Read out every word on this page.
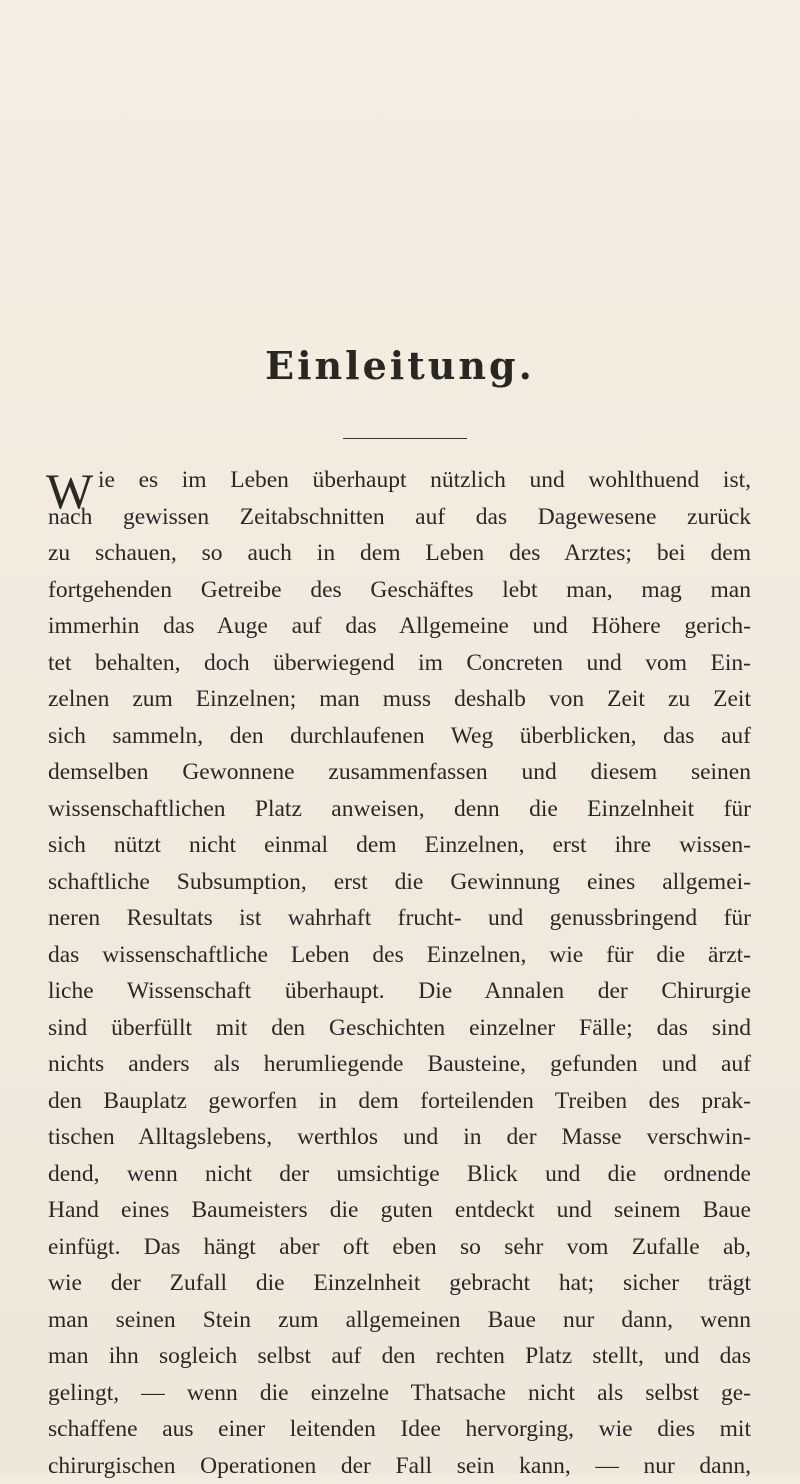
Einleitung.
W ie es im Leben überhaupt nützlich und wohlthuend ist,
nach gewissen Zeitabschnitten auf das Dagewesene zurück
zu schauen, so auch in dem Leben des Arztes; bei dem
fortgehenden Getreibe des Geschäftes lebt man, mag man
immerhin das Auge auf das Allgemeine und Höhere gerich-
tet behalten, doch überwiegend im Concreten und vom Ein-
zelnen zum Einzelnen; man muss deshalb von Zeit zu Zeit
sich sammeln, den durchlaufenen Weg überblicken, das auf
demselben Gewonnene zusammenfassen und diesem seinen
wissenschaftlichen Platz anweisen, denn die Einzelnheit für
sich nützt nicht einmal dem Einzelnen, erst ihre wissen-
schaftliche Subsumption, erst die Gewinnung eines allgemei-
neren Resultats ist wahrhaft frucht- und genussbringend für
das wissenschaftliche Leben des Einzelnen, wie für die ärzt-
liche Wissenschaft überhaupt. Die Annalen der Chirurgie
sind überfüllt mit den Geschichten einzelner Fälle; das sind
nichts anders als herumliegende Bausteine, gefunden und auf
den Bauplatz geworfen in dem forteilenden Treiben des prak-
tischen Alltagslebens, werthlos und in der Masse verschwin-
dend, wenn nicht der umsichtige Blick und die ordnende
Hand eines Baumeisters die guten entdeckt und seinem Baue
einfügt. Das hängt aber oft eben so sehr vom Zufalle ab,
wie der Zufall die Einzelnheit gebracht hat; sicher trägt
man seinen Stein zum allgemeinen Baue nur dann, wenn
man ihn sogleich selbst auf den rechten Platz stellt, und das
gelingt, — wenn die einzelne Thatsache nicht als selbst ge-
schaffene aus einer leitenden Idee hervorging, wie dies mit
chirurgischen Operationen der Fall sein kann, — nur dann,
